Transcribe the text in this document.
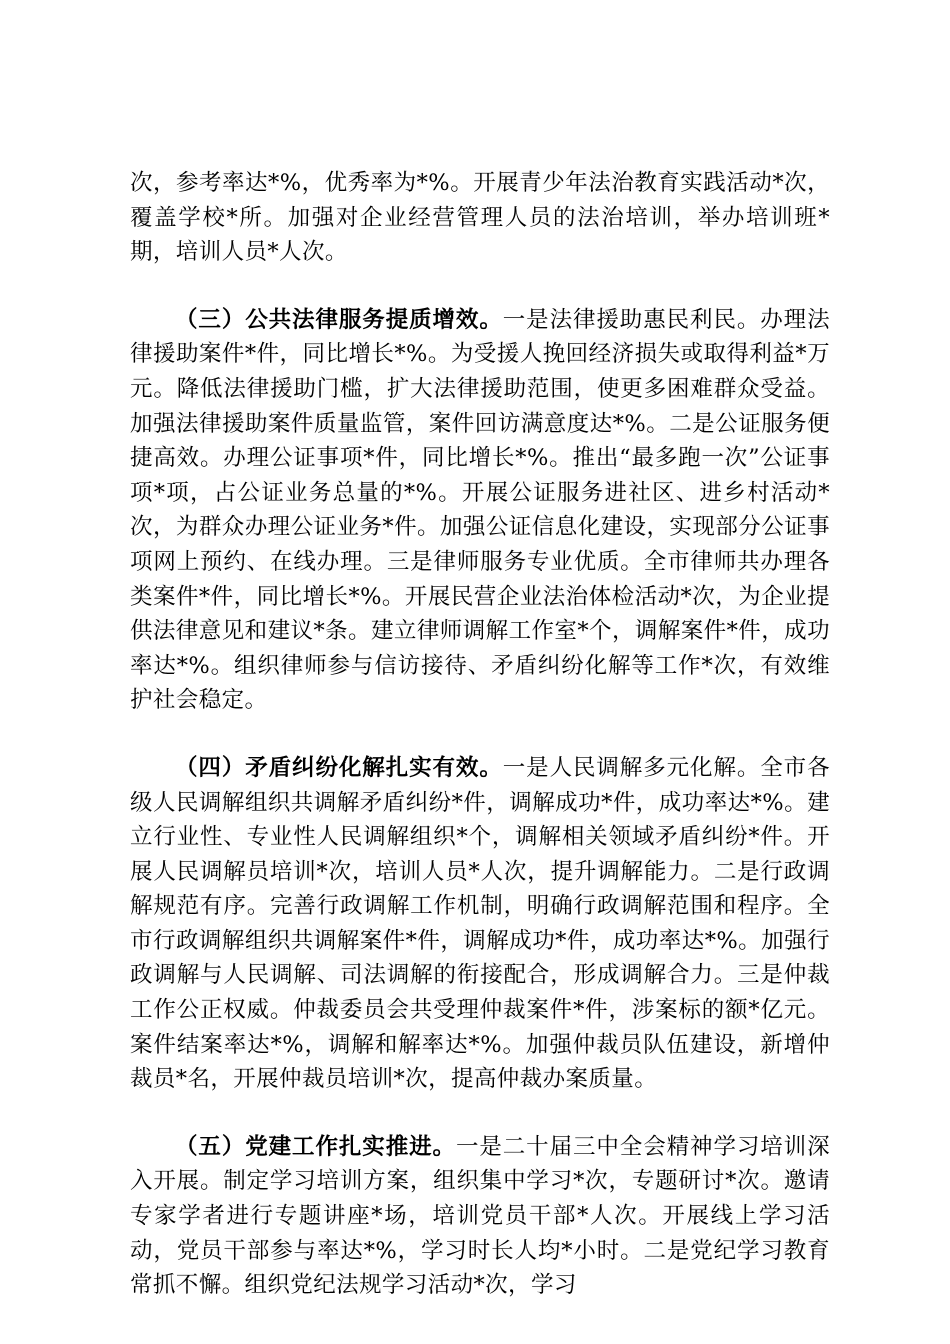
次，参考率达*%，优秀率为*%。开展青少年法治教育实践活动*次，覆盖学校*所。加强对企业经营管理人员的法治培训，举办培训班*期，培训人员*人次。

（三）公共法律服务提质增效。一是法律援助惠民利民。办理法律援助案件*件，同比增长*%。为受援人挽回经济损失或取得利益*万元。降低法律援助门槛，扩大法律援助范围，使更多困难群众受益。加强法律援助案件质量监管，案件回访满意度达*%。二是公证服务便捷高效。办理公证事项*件，同比增长*%。推出“最多跑一次”公证事项*项，占公证业务总量的*%。开展公证服务进社区、进乡村活动*次，为群众办理公证业务*件。加强公证信息化建设，实现部分公证事项网上预约、在线办理。三是律师服务专业优质。全市律师共办理各类案件*件，同比增长*%。开展民营企业法治体检活动*次，为企业提供法律意见和建议*条。建立律师调解工作室*个，调解案件*件，成功率达*%。组织律师参与信访接待、矛盾纠纷化解等工作*次，有效维护社会稳定。

（四）矛盾纠纷化解扎实有效。一是人民调解多元化解。全市各级人民调解组织共调解矛盾纠纷*件，调解成功*件，成功率达*%。建立行业性、专业性人民调解组织*个，调解相关领域矛盾纠纷*件。开展人民调解员培训*次，培训人员*人次，提升调解能力。二是行政调解规范有序。完善行政调解工作机制，明确行政调解范围和程序。全市行政调解组织共调解案件*件，调解成功*件，成功率达*%。加强行政调解与人民调解、司法调解的衔接配合，形成调解合力。三是仲裁工作公正权威。仲裁委员会共受理仲裁案件*件，涉案标的额*亿元。案件结案率达*%，调解和解率达*%。加强仲裁员队伍建设，新增仲裁员*名，开展仲裁员培训*次，提高仲裁办案质量。

（五）党建工作扎实推进。一是二十届三中全会精神学习培训深入开展。制定学习培训方案，组织集中学习*次，专题研讨*次。邀请专家学者进行专题讲座*场，培训党员干部*人次。开展线上学习活动，党员干部参与率达*%，学习时长人均*小时。二是党纪学习教育常抓不懈。组织党纪法规学习活动*次，学习
